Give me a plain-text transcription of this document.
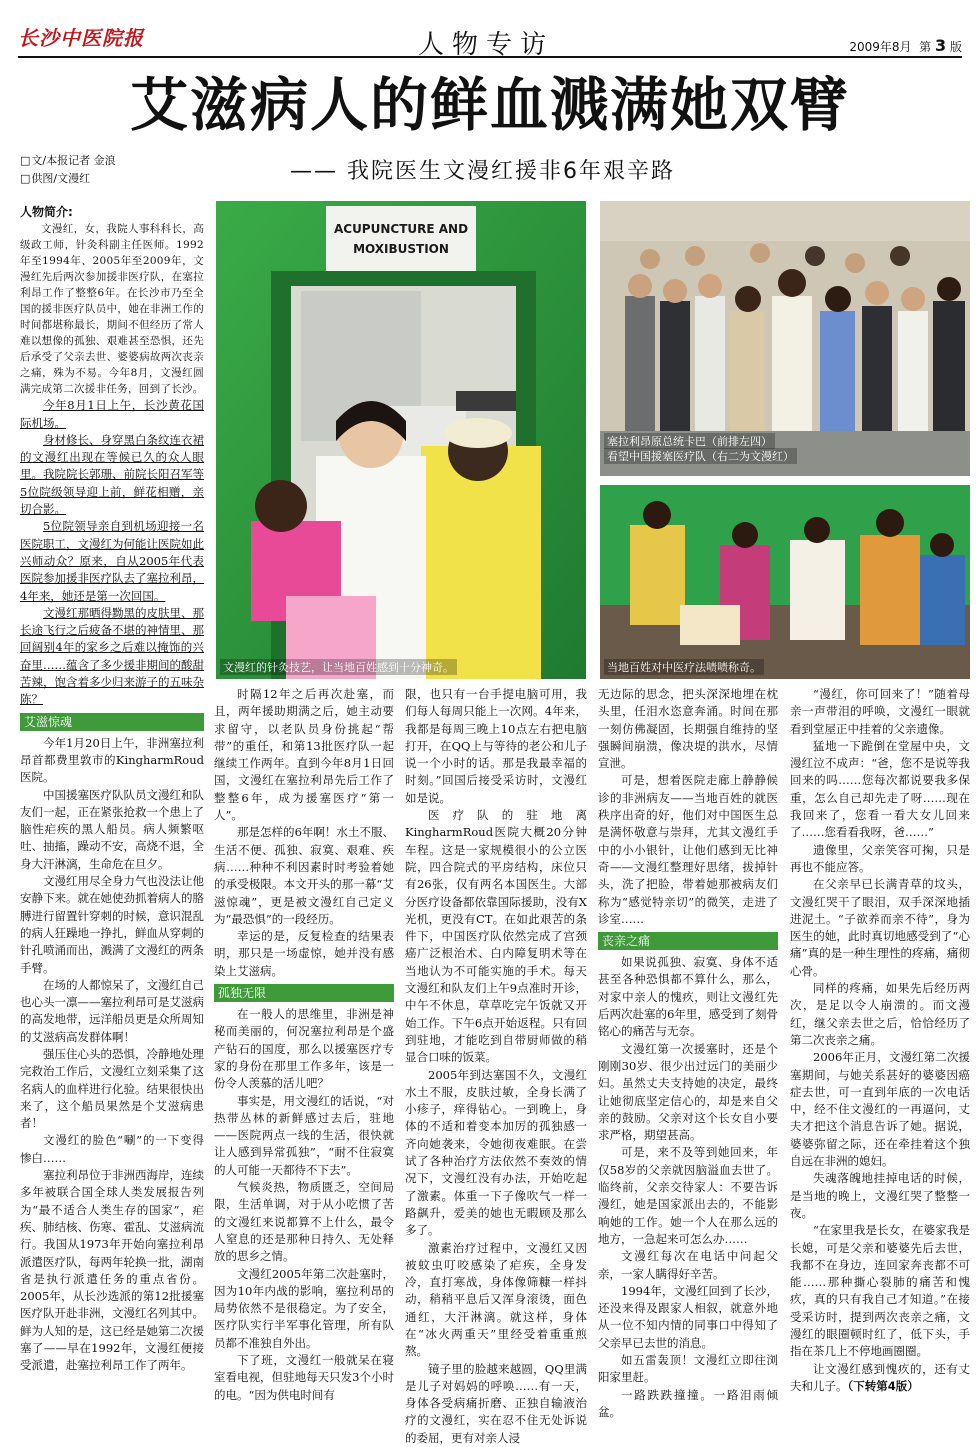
长沙中医院报	人物专访	2009年8月 第 3 版
艾滋病人的鲜血溅满她双臂
—— 我院医生文漫红援非6年艰辛路
□ 文/本报记者 金浪
□ 供图/文漫红
ACUPUNCTURE AND
MOXIBUSTION
文漫红的针灸技艺，让当地百姓感到十分神奇。
塞拉利昂原总统卡巴（前排左四）
看望中国援塞医疗队（右二为文漫红）
当地百姓对中医疗法啧啧称奇。
人物简介:

文漫红，女，我院人事科科长，高级政工师，针灸科副主任医师。1992年至1994年、2005年至2009年，文漫红先后两次参加援非医疗队，在塞拉利昂工作了整整6年。在长沙市乃至全国的援非医疗队员中，她在非洲工作的时间都堪称最长，期间不但经历了常人难以想像的孤独、艰难甚至恐惧，还先后承受了父亲去世、婆婆病故两次丧亲之痛，殊为不易。今年8月，文漫红圆满完成第二次援非任务，回到了长沙。

今年8月1日上午，长沙黄花国际机场。

身材修长、身穿黑白条纹连衣裙的文漫红出现在等候已久的众人眼里。我院院长郭珊、前院长阳召军等5位院级领导迎上前，鲜花相赠，亲切合影。

5位院领导亲自到机场迎接一名医院职工，文漫红为何能让医院如此兴师动众？原来，自从2005年代表医院参加援非医疗队去了塞拉利昂，4年来，她还是第一次回国。

文漫红那晒得黝黑的皮肤里、那长途飞行之后疲备不堪的神情里、那回阔别4年的家乡之后难以掩饰的兴奋里……蕴含了多少援非期间的酸甜苦辣，饱含着多少归来游子的五味杂陈？

艾滋惊魂

今年1月20日上午，非洲塞拉利昂首都费里敦市的KingharmRoud医院。

中国援塞医疗队队员文漫红和队友们一起，正在紧张抢救一个患上了脑性疟疾的黑人船员。病人频繁呕吐、抽搐，躁动不安，高烧不退，全身大汗淋漓，生命危在旦夕。

文漫红用尽全身力气也没法让他安静下来。就在她使劲抓着病人的胳膊进行留置针穿刺的时候，意识混乱的病人狂躁地一挣扎，鲜血从穿刺的针孔喷涌而出，溅满了文漫红的两条手臂。

在场的人都惊呆了，文漫红自己也心头一凛——塞拉利昂可是艾滋病的高发地带，远洋船员更是众所周知的艾滋病高发群体啊！

强压住心头的恐惧，冷静地处理完救治工作后，文漫红立刻采集了这名病人的血样进行化验。结果很快出来了，这个船员果然是个艾滋病患者！

文漫红的脸色“唰”的一下变得惨白……

塞拉利昂位于非洲西海岸，连续多年被联合国全球人类发展报告列为“最不适合人类生存的国家”，疟疾、肺结核、伤寒、霍乱、艾滋病流行。我国从1973年开始向塞拉利昂派遣医疗队，每两年轮换一批，湖南省是执行派遣任务的重点省份。2005年，从长沙选派的第12批援塞医疗队开赴非洲，文漫红名列其中。鲜为人知的是，这已经是她第二次援塞了——早在1992年，文漫红便接受派遣，赴塞拉利昂工作了两年。

时隔12年之后再次赴塞，而且，两年援助期满之后，她主动要求留守，以老队员身份挑起“帮带”的重任，和第13批医疗队一起继续工作两年。直到今年8月1日回国，文漫红在塞拉利昂先后工作了整整6年，成为援塞医疗“第一人”。

那是怎样的6年啊！水土不服、生活不便、孤独、寂寞、艰难、疾病……种种不利因素时时考验着她的承受极限。本文开头的那一幕“艾滋惊魂”，更是被文漫红自己定义为“最恐惧”的一段经历。

幸运的是，反复检查的结果表明，那只是一场虚惊，她并没有感染上艾滋病。

孤独无限

在一般人的思维里，非洲是神秘而美丽的，何况塞拉利昂是个盛产钻石的国度，那么以援塞医疗专家的身份在那里工作多年，该是一份令人羡慕的活儿吧？

事实是，用文漫红的话说，“对热带丛林的新鲜感过去后，驻地——医院两点一线的生活，很快就让人感到异常孤独”，“耐不住寂寞的人可能一天都待不下去”。

气候炎热，物质匮乏，空间局限，生活单调，对于从小吃惯了苦的文漫红来说都算不上什么，最令人窒息的还是那种日持久、无处释放的思乡之情。

文漫红2005年第二次赴塞时，因为10年内战的影响，塞拉利昂的局势依然不是很稳定。为了安全，医疗队实行半军事化管理，所有队员都不准独自外出。

下了班，文漫红一般就呆在寝室看电视，但驻地每天只发3个小时的电。“因为供电时间有

限，也只有一台手提电脑可用，我们每人每周只能上一次网。4年来，我都是每周三晚上10点左右把电脑打开，在QQ上与等待的老公和儿子说一个小时的话。那是我最幸福的时刻。”回国后接受采访时，文漫红如是说。

医疗队的驻地离KingharmRoud医院大概20分钟车程。这是一家规模很小的公立医院，四合院式的平房结构，床位只有26张，仅有两名本国医生。大部分医疗设备都依靠国际援助，没有X光机，更没有CT。在如此艰苦的条件下，中国医疗队依然完成了宫颈癌广泛根治术、白内障复明术等在当地认为不可能实施的手术。每天文漫红和队友们上午9点准时开诊，中午不休息，草草吃完午饭就又开始工作。下午6点开始返程。只有回到驻地，才能吃到自带厨师做的稍显合口味的饭菜。

2005年到达塞国不久，文漫红水土不服，皮肤过敏，全身长满了小疹子，痒得钻心。一到晚上，身体的不适和着变本加厉的孤独感一齐向她袭来，令她彻夜难眠。在尝试了各种治疗方法依然不奏效的情况下，文漫红没有办法，开始吃起了激素。体重一下子像吹气一样一路飙升，爱美的她也无暇顾及那么多了。

激素治疗过程中，文漫红又因被蚊虫叮咬感染了疟疾，全身发冷，直打寒战，身体像筛糠一样抖动，稍稍平息后又浑身滚烫，面色通红，大汗淋漓。就这样，身体在“冰火两重天”里经受着重重煎熬。

镜子里的脸越来越圆，QQ里满是儿子对妈妈的呼唤……有一天，身体各受病痛折磨、正独自输液治疗的文漫红，实在忍不住无处诉说的委屈，更有对亲人浸

无边际的思念，把头深深地埋在枕头里，任泪水恣意奔涌。时间在那一刻仿佛凝固，长期强自维持的坚强瞬间崩溃，像决堤的洪水，尽情宣泄。

可是，想着医院走廊上静静候诊的非洲病友——当地百姓的就医秩序出奇的好，他们对中国医生总是满怀敬意与崇拜，尤其文漫红手中的小小银针，让他们感到无比神奇——文漫红整理好思绪，拔掉针头，洗了把脸，带着她那被病友们称为“感觉特亲切”的微笑，走进了诊室……

丧亲之痛

如果说孤独、寂寞、身体不适甚至各种恐惧都不算什么，那么，对家中亲人的愧疚，则让文漫红先后两次赴塞的6年里，感受到了刻骨铭心的痛苦与无奈。

文漫红第一次援塞时，还是个刚刚30岁、很少出过远门的美丽少妇。虽然丈夫支持她的决定，最终让她彻底坚定信心的，却是来自父亲的鼓励。父亲对这个长女自小要求严格，期望甚高。

可是，来不及等到她回来，年仅58岁的父亲就因脑溢血去世了。临终前，父亲交待家人：不要告诉漫红，她是国家派出去的，不能影响她的工作。她一个人在那么远的地方，一急起来可怎么办……

文漫红每次在电话中问起父亲，一家人瞒得好辛苦。

1994年，文漫红回到了长沙，还没来得及跟家人相叙，就意外地从一位不知内情的同事口中得知了父亲早已去世的消息。

如五雷轰顶！文漫红立即往浏阳家里赶。

一路跌跌撞撞。一路泪雨倾盆。

“漫红，你可回来了！”随着母亲一声带泪的呼唤，文漫红一眼就看到堂屋正中挂着的父亲遗像。

猛地一下跪倒在堂屋中央，文漫红泣不成声：“爸，您不是说等我回来的吗……您每次都说要我多保重，怎么自己却先走了呀……现在我回来了，您看一看大女儿回来了……您看看我呀，爸……”

遗像里，父亲笑容可掬，只是再也不能应答。

在父亲早已长满青草的坟头，文漫红哭干了眼泪，双手深深地插进泥土。“子欲养而亲不待”，身为医生的她，此时真切地感受到了“心痛”真的是一种生理性的疼痛，痛彻心骨。

同样的疼痛，如果先后经历两次，是足以令人崩溃的。而文漫红，继父亲去世之后，恰恰经历了第二次丧亲之痛。

2006年正月，文漫红第二次援塞期间，与她关系甚好的婆婆因癌症去世，可一直到年底的一次电话中，经不住文漫红的一再逼问，丈夫才把这个消息告诉了她。据说，婆婆弥留之际，还在牵挂着这个独自远在非洲的媳妇。

失魂落魄地挂掉电话的时候，是当地的晚上，文漫红哭了整整一夜。

“在家里我是长女，在婆家我是长媳，可是父亲和婆婆先后去世，我都不在身边，连回家奔丧都不可能……那种撕心裂肺的痛苦和愧疚，真的只有我自己才知道。”在接受采访时，提到两次丧亲之痛，文漫红的眼圈顿时红了，低下头，手指在茶几上不停地画圈圈。

让文漫红感到愧疚的，还有丈夫和儿子。（下转第4版）
